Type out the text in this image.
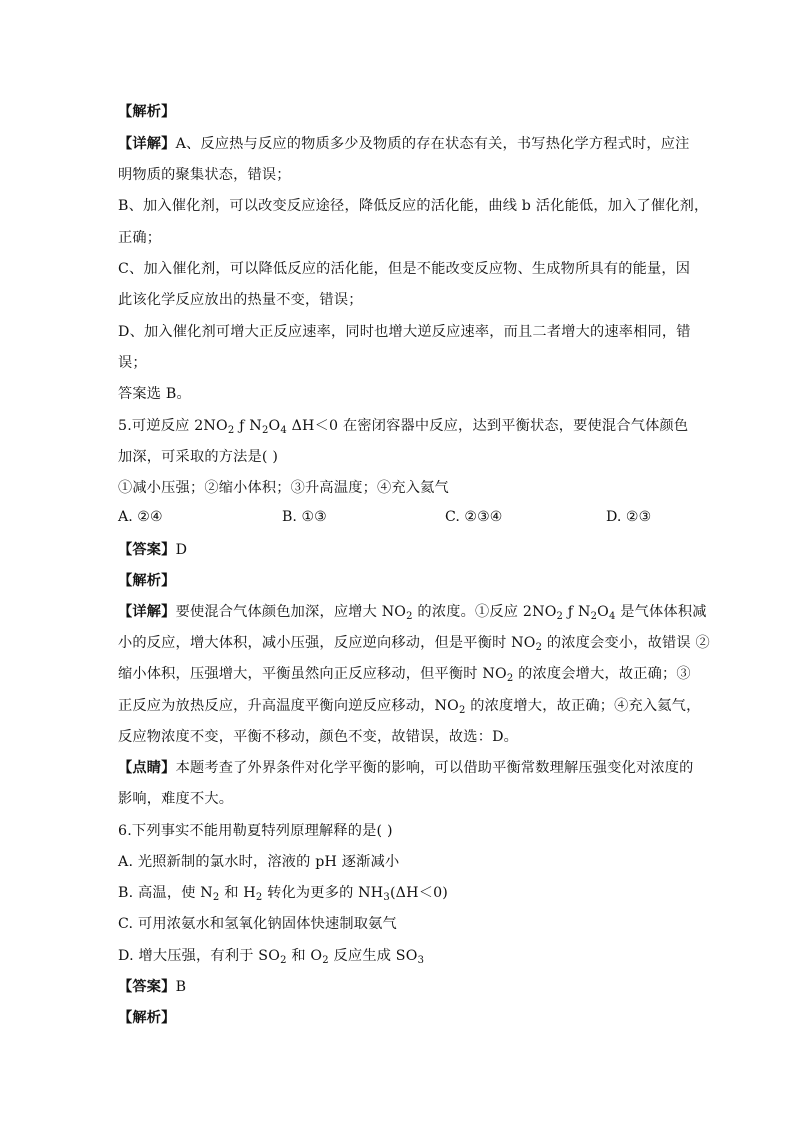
【解析】
【详解】A、反应热与反应的物质多少及物质的存在状态有关，书写热化学方程式时，应注
明物质的聚集状态，错误；
B、加入催化剂，可以改变反应途径，降低反应的活化能，曲线 b 活化能低，加入了催化剂，
正确；
C、加入催化剂，可以降低反应的活化能，但是不能改变反应物、生成物所具有的能量，因
此该化学反应放出的热量不变，错误；
D、加入催化剂可增大正反应速率，同时也增大逆反应速率，而且二者增大的速率相同，错
误；
答案选 B。
5.可逆反应 $2NO_2$ ƒ $N_2O_4$ ΔH＜0 在密闭容器中反应，达到平衡状态，要使混合气体颜色
加深，可采取的方法是( )
①减小压强；②缩小体积；③升高温度；④充入氦气
A. ②④	B. ①③	C. ②③④	D. ②③
【答案】D
【解析】
【详解】要使混合气体颜色加深，应增大 $NO_2$ 的浓度。①反应 $2NO_2$ ƒ $N_2O_4$ 是气体体积减
小的反应，增大体积，减小压强，反应逆向移动，但是平衡时 $NO_2$ 的浓度会变小，故错误 ②
缩小体积，压强增大，平衡虽然向正反应移动，但平衡时 $NO_2$ 的浓度会增大，故正确；③
正反应为放热反应，升高温度平衡向逆反应移动，$NO_2$ 的浓度增大，故正确；④充入氦气，
反应物浓度不变，平衡不移动，颜色不变，故错误，故选：D。
【点睛】本题考查了外界条件对化学平衡的影响，可以借助平衡常数理解压强变化对浓度的
影响，难度不大。
6.下列事实不能用勒夏特列原理解释的是( )
A. 光照新制的氯水时，溶液的 pH 逐渐减小
B. 高温，使 $N_2$ 和 $H_2$ 转化为更多的 $NH_3(\Delta H<0)$
C. 可用浓氨水和氢氧化钠固体快速制取氨气
D. 增大压强，有利于 $SO_2$ 和 $O_2$ 反应生成 $SO_3$
【答案】B
【解析】
